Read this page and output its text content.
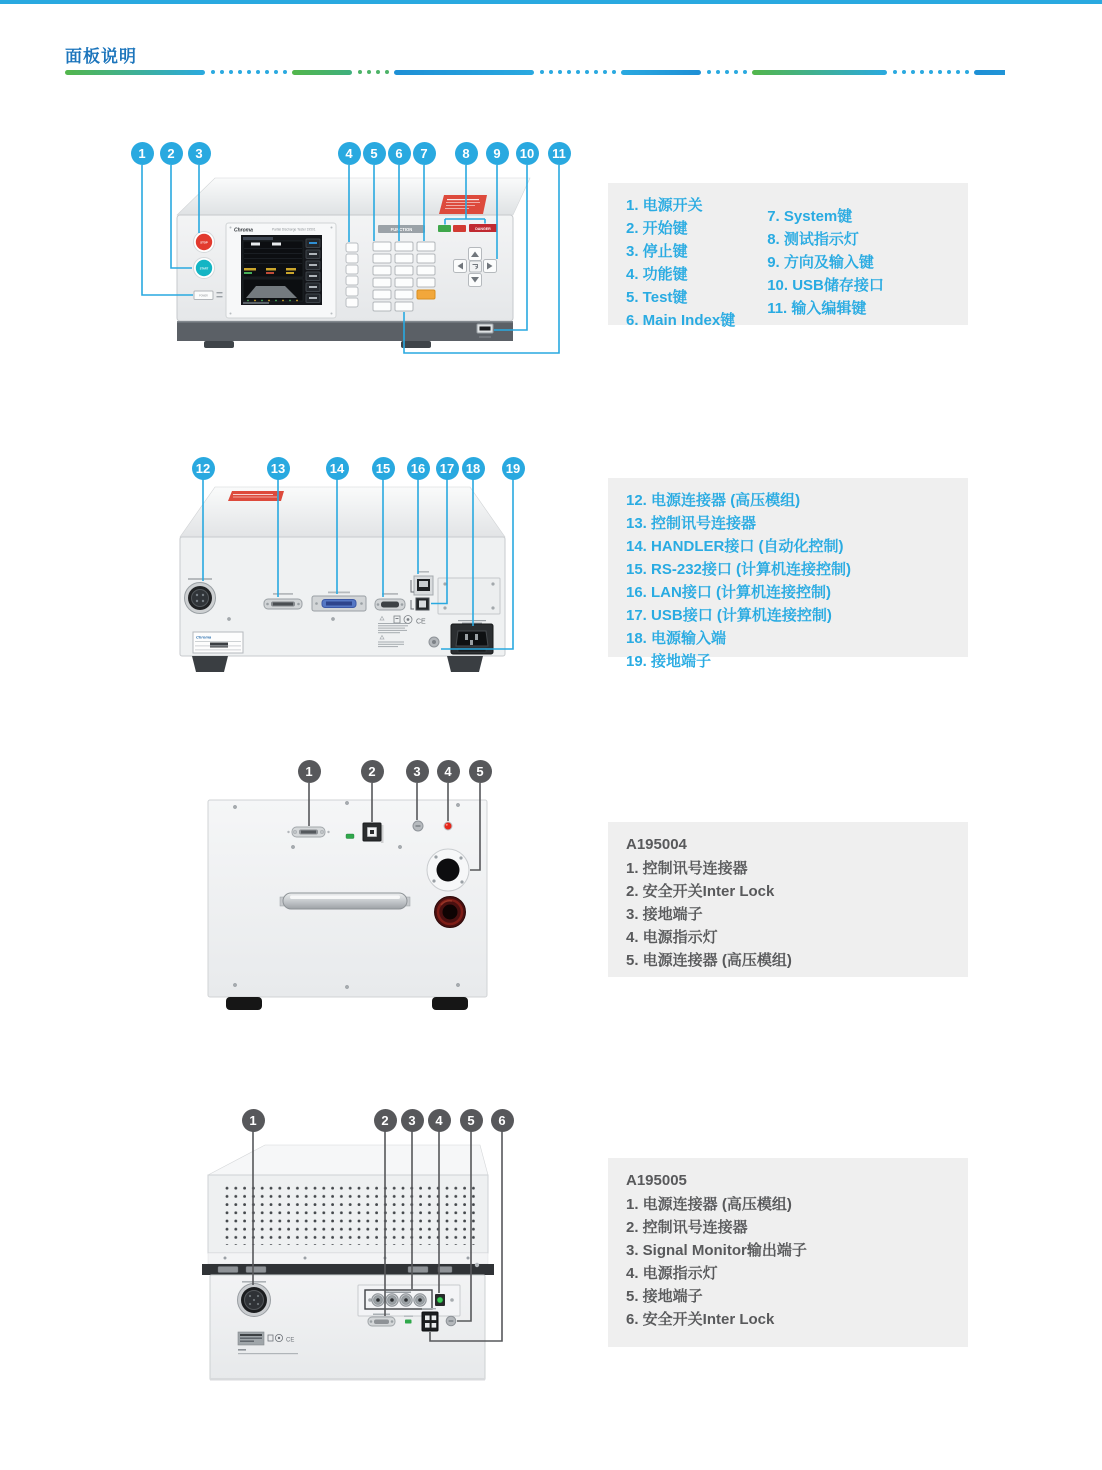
面板说明
STOP
START
POWER
Chroma	Partial Discharge Tester 19501	FUNCTION	DANGER
1	2	3	4	5	6	7	8	9	10	11
CE
Chroma
12	13	14	15	16	17 18	19
1	2	3	4	5
CE
1	2	3	4	5	6
1. 电源开关
2. 开始键
3. 停止键
4. 功能键
5. Test键
6. Main Index键
7. System键
8. 测试指示灯
9. 方向及输入键
10. USB储存接口
11. 输入编辑键
12. 电源连接器 (高压模组)
13. 控制讯号连接器
14. HANDLER接口 (自动化控制)
15. RS-232接口 (计算机连接控制)
16. LAN接口 (计算机连接控制)
17. USB接口 (计算机连接控制)
18. 电源输入端
19. 接地端子
A195004
1. 控制讯号连接器
2. 安全开关Inter Lock
3. 接地端子
4. 电源指示灯
5. 电源连接器 (高压模组)
A195005
1. 电源连接器 (高压模组)
2. 控制讯号连接器
3. Signal Monitor输出端子
4. 电源指示灯
5. 接地端子
6. 安全开关Inter Lock
